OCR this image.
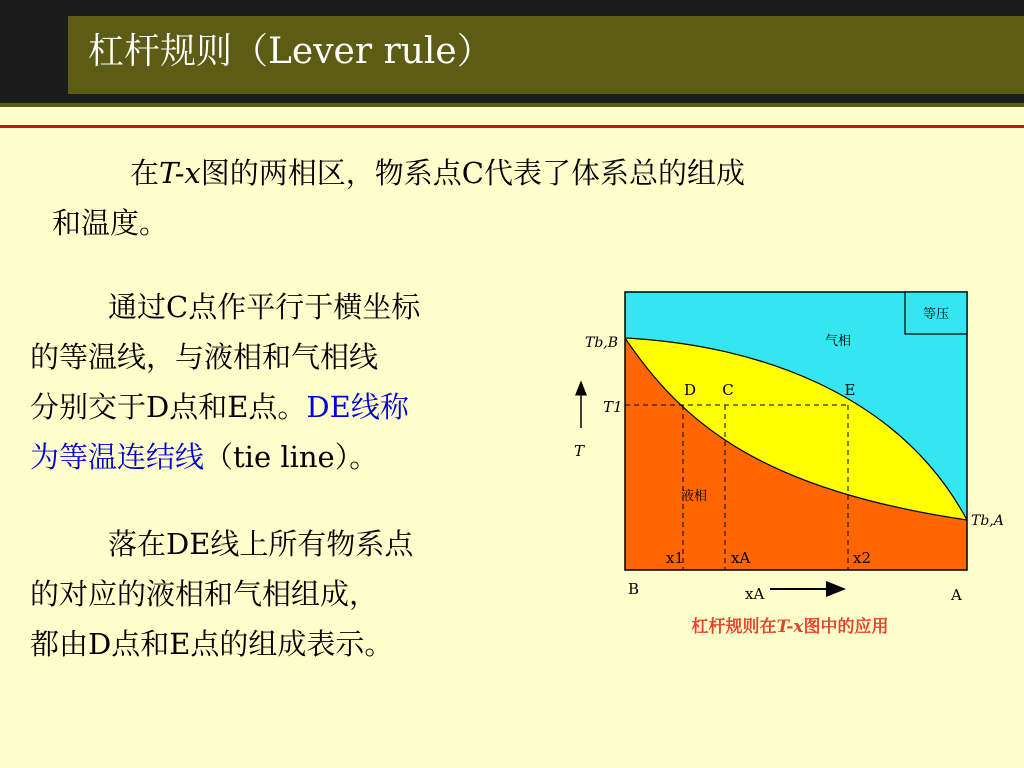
杠杆规则（Lever rule）
在T-x图的两相区，物系点C代表了体系总的组成
和温度。
通过C点作平行于横坐标
的等温线，与液相和气相线
分别交于D点和E点。DE线称
为等温连结线（tie line）。
落在DE线上所有物系点
的对应的液相和气相组成，
都由D点和E点的组成表示。
等压
气相
液相
Tb,B
Tb,A
T1
T
D C	E
x1	xA	x2
B	A
xA
杠杆规则在T-x图中的应用
